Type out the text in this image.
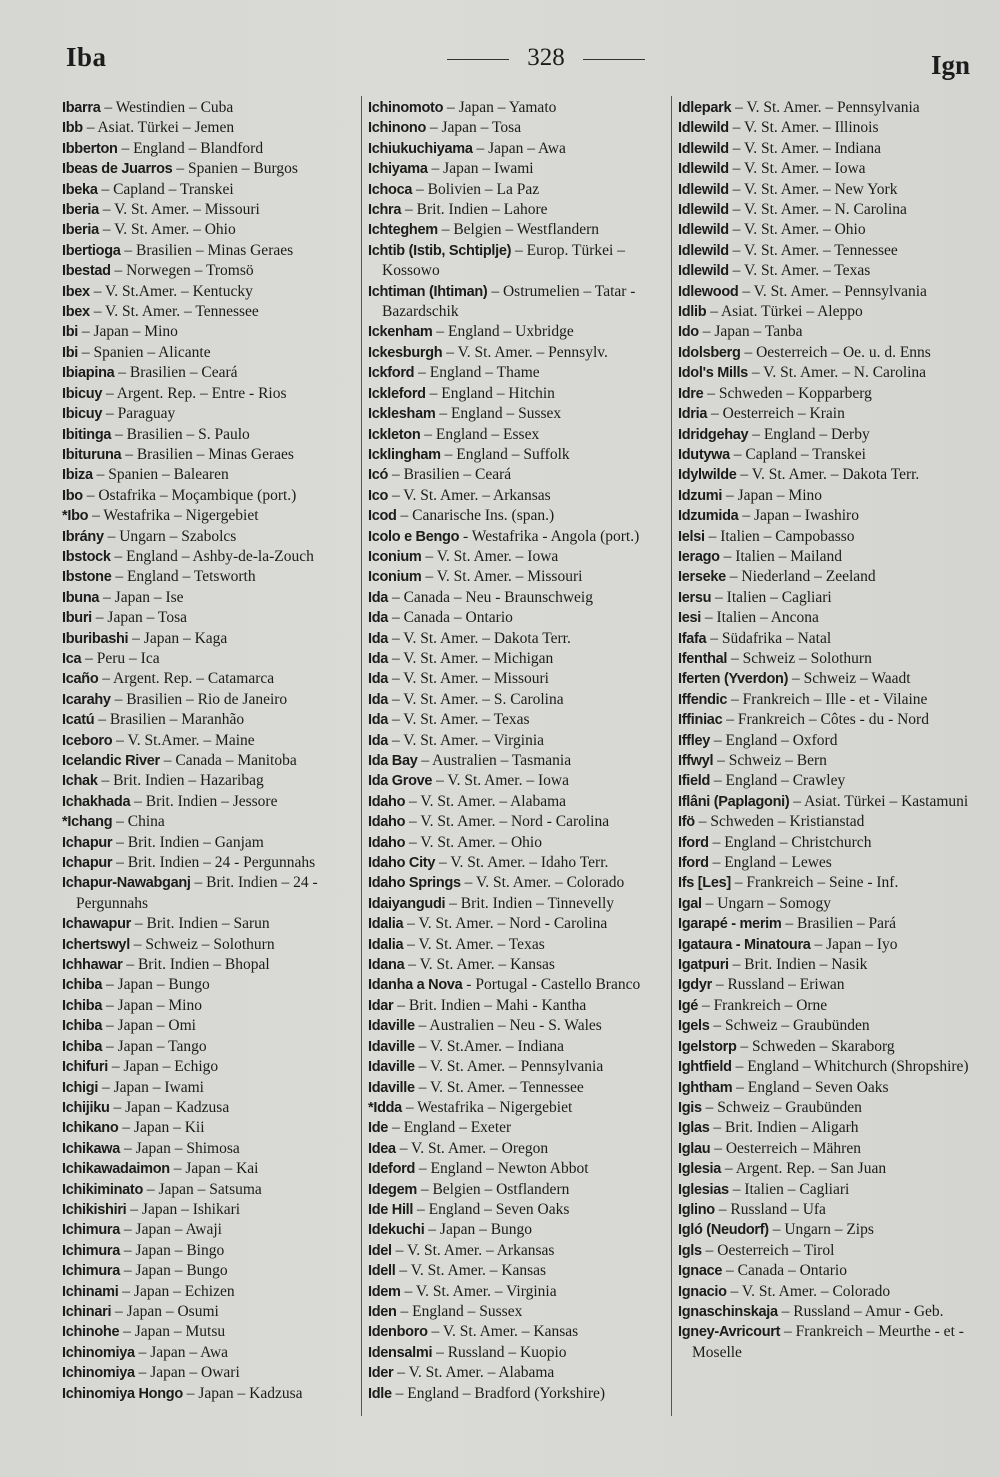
Iba	328	Ign
Ibarra – Westindien – Cuba
Ibb – Asiat. Türkei – Jemen
Ibberton – England – Blandford
Ibeas de Juarros – Spanien – Burgos
Ibeka – Capland – Transkei
Iberia – V. St. Amer. – Missouri
Iberia – V. St. Amer. – Ohio
Ibertioga – Brasilien – Minas Geraes
Ibestad – Norwegen – Tromsö
Ibex – V. St.Amer. – Kentucky
Ibex – V. St. Amer. – Tennessee
Ibi – Japan – Mino
Ibi – Spanien – Alicante
Ibiapina – Brasilien – Ceará
Ibicuy – Argent. Rep. – Entre - Rios
Ibicuy – Paraguay
Ibitinga – Brasilien – S. Paulo
Ibituruna – Brasilien – Minas Geraes
Ibiza – Spanien – Balearen
Ibo – Ostafrika – Moçambique (port.)
*Ibo – Westafrika – Nigergebiet
Ibrány – Ungarn – Szabolcs
Ibstock – England – Ashby-de-la-Zouch
Ibstone – England – Tetsworth
Ibuna – Japan – Ise
Iburi – Japan – Tosa
Iburibashi – Japan – Kaga
Ica – Peru – Ica
Icaño – Argent. Rep. – Catamarca
Icarahy – Brasilien – Rio de Janeiro
Icatú – Brasilien – Maranhão
Iceboro – V. St.Amer. – Maine
Icelandic River – Canada – Manitoba
Ichak – Brit. Indien – Hazaribag
Ichakhada – Brit. Indien – Jessore
*Ichang – China
Ichapur – Brit. Indien – Ganjam
Ichapur – Brit. Indien – 24 - Pergunnahs
Ichapur-Nawabganj – Brit. Indien – 24 - Pergunnahs
Ichawapur – Brit. Indien – Sarun
Ichertswyl – Schweiz – Solothurn
Ichhawar – Brit. Indien – Bhopal
Ichiba – Japan – Bungo
Ichiba – Japan – Mino
Ichiba – Japan – Omi
Ichiba – Japan – Tango
Ichifuri – Japan – Echigo
Ichigi – Japan – Iwami
Ichijiku – Japan – Kadzusa
Ichikano – Japan – Kii
Ichikawa – Japan – Shimosa
Ichikawadaimon – Japan – Kai
Ichikiminato – Japan – Satsuma
Ichikishiri – Japan – Ishikari
Ichimura – Japan – Awaji
Ichimura – Japan – Bingo
Ichimura – Japan – Bungo
Ichinami – Japan – Echizen
Ichinari – Japan – Osumi
Ichinohe – Japan – Mutsu
Ichinomiya – Japan – Awa
Ichinomiya – Japan – Owari
Ichinomiya Hongo – Japan – Kadzusa
Ichinomoto – Japan – Yamato
Ichinono – Japan – Tosa
Ichiukuchiyama – Japan – Awa
Ichiyama – Japan – Iwami
Ichoca – Bolivien – La Paz
Ichra – Brit. Indien – Lahore
Ichteghem – Belgien – Westflandern
Ichtib (Istib, Schtiplje) – Europ. Türkei – Kossowo
Ichtiman (Ihtiman) – Ostrumelien – Tatar - Bazardschik
Ickenham – England – Uxbridge
Ickesburgh – V. St. Amer. – Pennsylv.
Ickford – England – Thame
Ickleford – England – Hitchin
Icklesham – England – Sussex
Ickleton – England – Essex
Icklingham – England – Suffolk
Icó – Brasilien – Ceará
Ico – V. St. Amer. – Arkansas
Icod – Canarische Ins. (span.)
Icolo e Bengo - Westafrika - Angola (port.)
Iconium – V. St. Amer. – Iowa
Iconium – V. St. Amer. – Missouri
Ida – Canada – Neu - Braunschweig
Ida – Canada – Ontario
Ida – V. St. Amer. – Dakota Terr.
Ida – V. St. Amer. – Michigan
Ida – V. St. Amer. – Missouri
Ida – V. St. Amer. – S. Carolina
Ida – V. St. Amer. – Texas
Ida – V. St. Amer. – Virginia
Ida Bay – Australien – Tasmania
Ida Grove – V. St. Amer. – Iowa
Idaho – V. St. Amer. – Alabama
Idaho – V. St. Amer. – Nord - Carolina
Idaho – V. St. Amer. – Ohio
Idaho City – V. St. Amer. – Idaho Terr.
Idaho Springs – V. St. Amer. – Colorado
Idaiyangudi – Brit. Indien – Tinnevelly
Idalia – V. St. Amer. – Nord - Carolina
Idalia – V. St. Amer. – Texas
Idana – V. St. Amer. – Kansas
Idanha a Nova - Portugal - Castello Branco
Idar – Brit. Indien – Mahi - Kantha
Idaville – Australien – Neu - S. Wales
Idaville – V. St.Amer. – Indiana
Idaville – V. St. Amer. – Pennsylvania
Idaville – V. St. Amer. – Tennessee
*Idda – Westafrika – Nigergebiet
Ide – England – Exeter
Idea – V. St. Amer. – Oregon
Ideford – England – Newton Abbot
Idegem – Belgien – Ostflandern
Ide Hill – England – Seven Oaks
Idekuchi – Japan – Bungo
Idel – V. St. Amer. – Arkansas
Idell – V. St. Amer. – Kansas
Idem – V. St. Amer. – Virginia
Iden – England – Sussex
Idenboro – V. St. Amer. – Kansas
Idensalmi – Russland – Kuopio
Ider – V. St. Amer. – Alabama
Idle – England – Bradford (Yorkshire)
Idlepark – V. St. Amer. – Pennsylvania
Idlewild – V. St. Amer. – Illinois
Idlewild – V. St. Amer. – Indiana
Idlewild – V. St. Amer. – Iowa
Idlewild – V. St. Amer. – New York
Idlewild – V. St. Amer. – N. Carolina
Idlewild – V. St. Amer. – Ohio
Idlewild – V. St. Amer. – Tennessee
Idlewild – V. St. Amer. – Texas
Idlewood – V. St. Amer. – Pennsylvania
Idlib – Asiat. Türkei – Aleppo
Ido – Japan – Tanba
Idolsberg – Oesterreich – Oe. u. d. Enns
Idol's Mills – V. St. Amer. – N. Carolina
Idre – Schweden – Kopparberg
Idria – Oesterreich – Krain
Idridgehay – England – Derby
Idutywa – Capland – Transkei
Idylwilde – V. St. Amer. – Dakota Terr.
Idzumi – Japan – Mino
Idzumida – Japan – Iwashiro
Ielsi – Italien – Campobasso
Ierago – Italien – Mailand
Ierseke – Niederland – Zeeland
Iersu – Italien – Cagliari
Iesi – Italien – Ancona
Ifafa – Südafrika – Natal
Ifenthal – Schweiz – Solothurn
Iferten (Yverdon) – Schweiz – Waadt
Iffendic – Frankreich – Ille - et - Vilaine
Iffiniac – Frankreich – Côtes - du - Nord
Iffley – England – Oxford
Iffwyl – Schweiz – Bern
Ifield – England – Crawley
Iflâni (Paplagoni) – Asiat. Türkei – Kastamuni
Ifö – Schweden – Kristianstad
Iford – England – Christchurch
Iford – England – Lewes
Ifs [Les] – Frankreich – Seine - Inf.
Igal – Ungarn – Somogy
Igarapé - merim – Brasilien – Pará
Igataura - Minatoura – Japan – Iyo
Igatpuri – Brit. Indien – Nasik
Igdyr – Russland – Eriwan
Igé – Frankreich – Orne
Igels – Schweiz – Graubünden
Igelstorp – Schweden – Skaraborg
Ightfield – England – Whitchurch (Shropshire)
Ightham – England – Seven Oaks
Igis – Schweiz – Graubünden
Iglas – Brit. Indien – Aligarh
Iglau – Oesterreich – Mähren
Iglesia – Argent. Rep. – San Juan
Iglesias – Italien – Cagliari
Iglino – Russland – Ufa
Igló (Neudorf) – Ungarn – Zips
Igls – Oesterreich – Tirol
Ignace – Canada – Ontario
Ignacio – V. St. Amer. – Colorado
Ignaschinskaja – Russland – Amur - Geb.
Igney-Avricourt – Frankreich – Meurthe - et - Moselle
